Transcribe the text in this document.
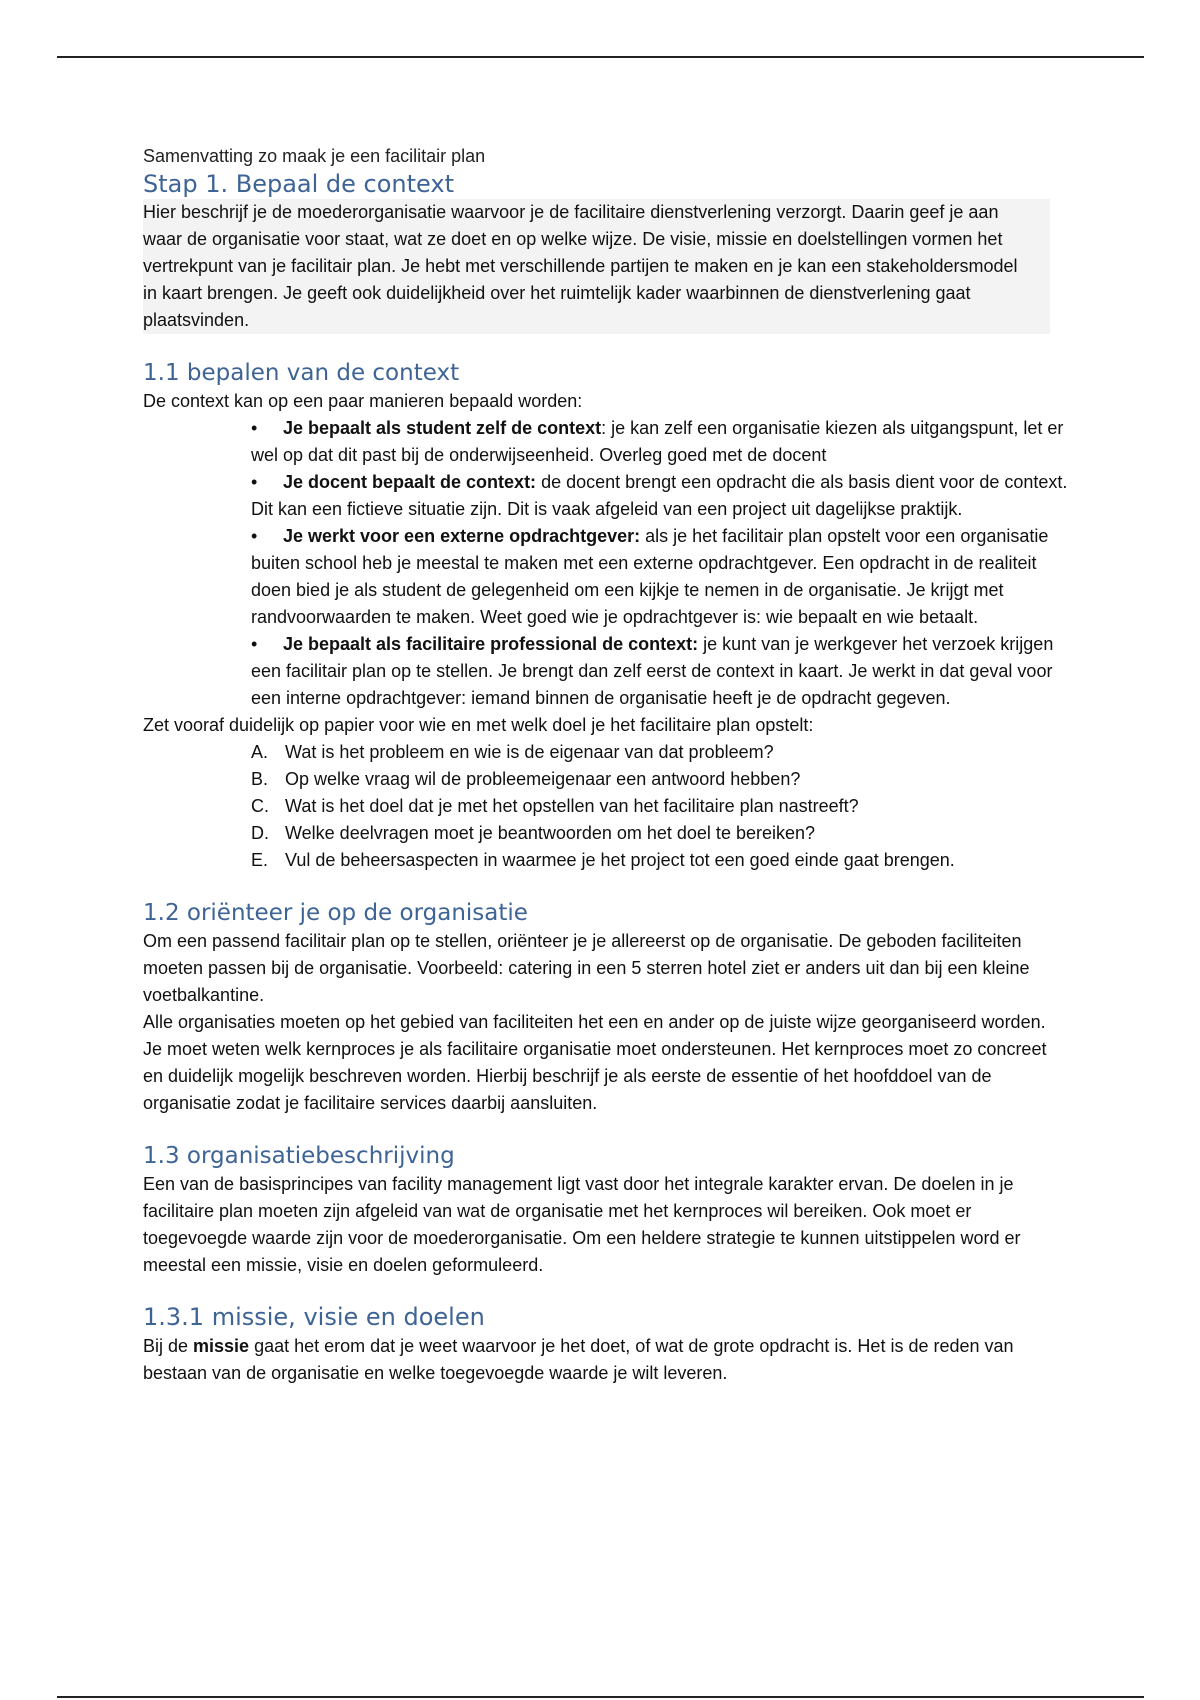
Samenvatting zo maak je een facilitair plan

Stap 1. Bepaal de context

Hier beschrijf je de moederorganisatie waarvoor je de facilitaire dienstverlening verzorgt. Daarin geef je aan waar de organisatie voor staat, wat ze doet en op welke wijze. De visie, missie en doelstellingen vormen het vertrekpunt van je facilitair plan. Je hebt met verschillende partijen te maken en je kan een stakeholdersmodel in kaart brengen. Je geeft ook duidelijkheid over het ruimtelijk kader waarbinnen de dienstverlening gaat plaatsvinden.

1.1 bepalen van de context

De context kan op een paar manieren bepaald worden:

•	Je bepaalt als student zelf de context: je kan zelf een organisatie kiezen als uitgangspunt, let er wel op dat dit past bij de onderwijseenheid. Overleg goed met de docent
•	Je docent bepaalt de context: de docent brengt een opdracht die als basis dient voor de context. Dit kan een fictieve situatie zijn. Dit is vaak afgeleid van een project uit dagelijkse praktijk.
•	Je werkt voor een externe opdrachtgever: als je het facilitair plan opstelt voor een organisatie buiten school heb je meestal te maken met een externe opdrachtgever. Een opdracht in de realiteit doen bied je als student de gelegenheid om een kijkje te nemen in de organisatie. Je krijgt met randvoorwaarden te maken. Weet goed wie je opdrachtgever is: wie bepaalt en wie betaalt.
•	Je bepaalt als facilitaire professional de context: je kunt van je werkgever het verzoek krijgen een facilitair plan op te stellen. Je brengt dan zelf eerst de context in kaart. Je werkt in dat geval voor een interne opdrachtgever: iemand binnen de organisatie heeft je de opdracht gegeven.

Zet vooraf duidelijk op papier voor wie en met welk doel je het facilitaire plan opstelt:

A. Wat is het probleem en wie is de eigenaar van dat probleem?
B. Op welke vraag wil de probleemeigenaar een antwoord hebben?
C. Wat is het doel dat je met het opstellen van het facilitaire plan nastreeft?
D. Welke deelvragen moet je beantwoorden om het doel te bereiken?
E. Vul de beheersaspecten in waarmee je het project tot een goed einde gaat brengen.
1.2 oriënteer je op de organisatie

Om een passend facilitair plan op te stellen, oriënteer je je allereerst op de organisatie. De geboden faciliteiten moeten passen bij de organisatie. Voorbeeld: catering in een 5 sterren hotel ziet er anders uit dan bij een kleine voetbalkantine.

Alle organisaties moeten op het gebied van faciliteiten het een en ander op de juiste wijze georganiseerd worden. Je moet weten welk kernproces je als facilitaire organisatie moet ondersteunen. Het kernproces moet zo concreet en duidelijk mogelijk beschreven worden. Hierbij beschrijf je als eerste de essentie of het hoofddoel van de organisatie zodat je facilitaire services daarbij aansluiten.

1.3 organisatiebeschrijving

Een van de basisprincipes van facility management ligt vast door het integrale karakter ervan. De doelen in je facilitaire plan moeten zijn afgeleid van wat de organisatie met het kernproces wil bereiken. Ook moet er toegevoegde waarde zijn voor de moederorganisatie. Om een heldere strategie te kunnen uitstippelen word er meestal een missie, visie en doelen geformuleerd.

1.3.1 missie, visie en doelen

Bij de missie gaat het erom dat je weet waarvoor je het doet, of wat de grote opdracht is. Het is de reden van bestaan van de organisatie en welke toegevoegde waarde je wilt leveren.
